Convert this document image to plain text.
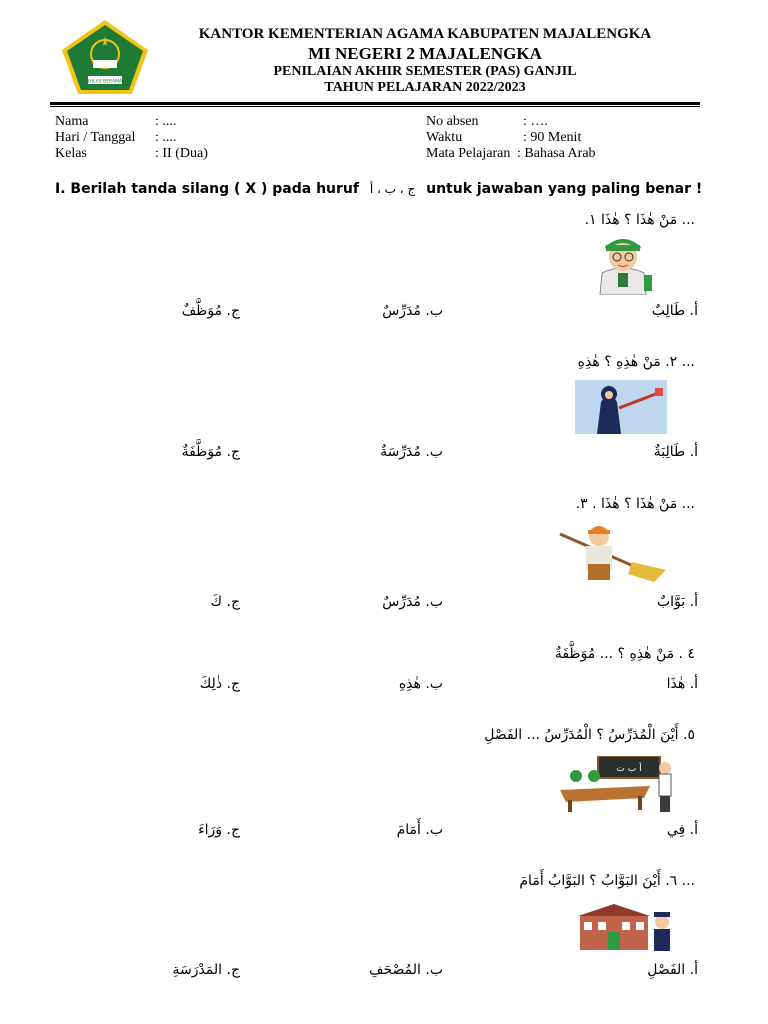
IKHLAS BERAMAL
KANTOR KEMENTERIAN AGAMA KABUPATEN MAJALENGKA
MI NEGERI 2 MAJALENGKA
PENILAIAN AKHIR SEMESTER (PAS) GANJIL
TAHUN PELAJARAN 2022/2023
Nama	: ....
Hari / Tanggal : ....
Kelas	: II (Dua)
No absen	: ….
Waktu	: 90 Menit
Mata Pelajaran : Bahasa Arab
I. Berilah tanda silang ( X ) pada huruf ج ، ب ، أ untuk jawaban yang paling benar !
... مَنْ هٰذَا ؟ هٰذَا ١.
أ. طَالِبٌ
ب. مُدَرِّسٌ
ج. مُوَظَّفٌ
... ٢. مَنْ هٰذِهِ ؟ هٰذِهِ
أ. طَالِبَةٌ
ب. مُدَرِّسَةٌ
ج. مُوَظَّفَةٌ
... مَنْ هٰذَا ؟ هٰذَا . ٣.
أ. بَوَّابٌ
ب. مُدَرِّسٌ
ج. كَ
٤ . مَنْ هٰذِهِ ؟ ... مُوَظَّفَةٌ
أ. هٰذَا
ب. هٰذِهِ
ج. ذٰلِكَ
٥. أَيْنَ الْمُدَرِّسُ ؟ الْمُدَرِّسُ ... الفَصْلِ
أ ب ت
أ. فِي
ب. أَمَامَ
ج. وَرَاءَ
... ٦. أَيْنَ البَوَّابُ ؟ البَوَّابُ أَمَامَ
أ. الفَصْلِ
ب. المُصْحَفِ
ج. المَدْرَسَةِ
